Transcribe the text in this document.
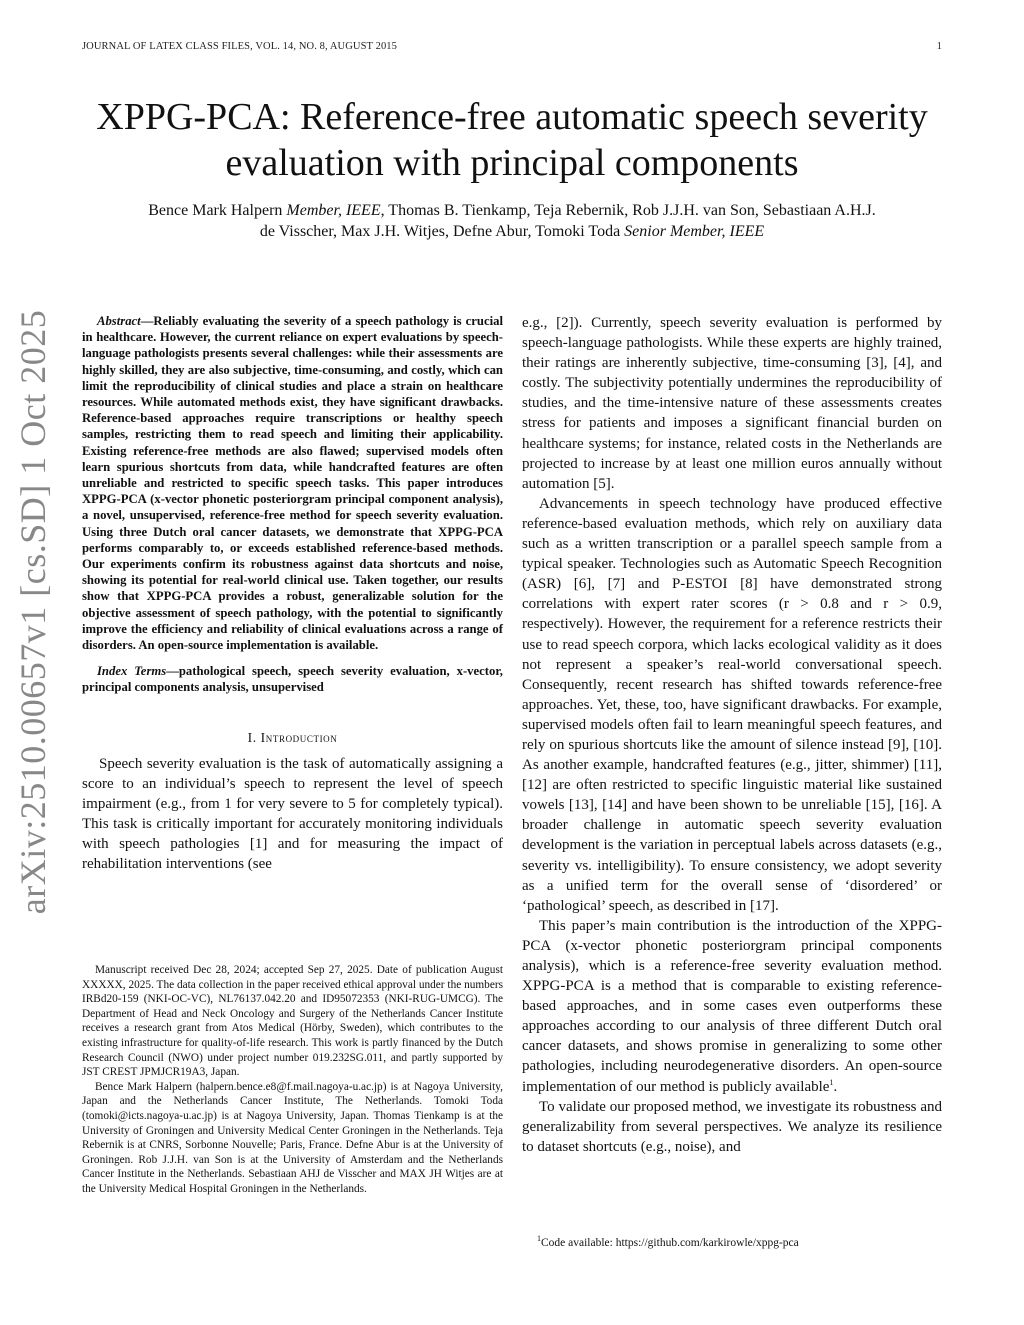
JOURNAL OF LATEX CLASS FILES, VOL. 14, NO. 8, AUGUST 2015	1
arXiv:2510.00657v1 [cs.SD] 1 Oct 2025
XPPG-PCA: Reference-free automatic speech severity evaluation with principal components
Bence Mark Halpern Member, IEEE, Thomas B. Tienkamp, Teja Rebernik, Rob J.J.H. van Son, Sebastiaan A.H.J.
de Visscher, Max J.H. Witjes, Defne Abur, Tomoki Toda Senior Member, IEEE

Abstract—Reliably evaluating the severity of a speech pathology is crucial in healthcare. However, the current reliance on expert evaluations by speech-language pathologists presents several challenges: while their assessments are highly skilled, they are also subjective, time-consuming, and costly, which can limit the reproducibility of clinical studies and place a strain on healthcare resources. While automated methods exist, they have significant drawbacks. Reference-based approaches require transcriptions or healthy speech samples, restricting them to read speech and limiting their applicability. Existing reference-free methods are also flawed; supervised models often learn spurious shortcuts from data, while handcrafted features are often unreliable and restricted to specific speech tasks. This paper introduces XPPG-PCA (x-vector phonetic posteriorgram principal component analysis), a novel, unsupervised, reference-free method for speech severity evaluation. Using three Dutch oral cancer datasets, we demonstrate that XPPG-PCA performs comparably to, or exceeds established reference-based methods. Our experiments confirm its robustness against data shortcuts and noise, showing its potential for real-world clinical use. Taken together, our results show that XPPG-PCA provides a robust, generalizable solution for the objective assessment of speech pathology, with the potential to significantly improve the efficiency and reliability of clinical evaluations across a range of disorders. An open-source implementation is available.

Index Terms—pathological speech, speech severity evaluation, x-vector, principal components analysis, unsupervised

I. Introduction

Speech severity evaluation is the task of automatically assigning a score to an individual’s speech to represent the level of speech impairment (e.g., from 1 for very severe to 5 for completely typical). This task is critically important for accurately monitoring individuals with speech pathologies [1] and for measuring the impact of rehabilitation interventions (see

Manuscript received Dec 28, 2024; accepted Sep 27, 2025. Date of publication August XXXXX, 2025. The data collection in the paper received ethical approval under the numbers IRBd20-159 (NKI-OC-VC), NL76137.042.20 and ID95072353 (NKI-RUG-UMCG). The Department of Head and Neck Oncology and Surgery of the Netherlands Cancer Institute receives a research grant from Atos Medical (Hörby, Sweden), which contributes to the existing infrastructure for quality-of-life research. This work is partly financed by the Dutch Research Council (NWO) under project number 019.232SG.011, and partly supported by JST CREST JPMJCR19A3, Japan.

Bence Mark Halpern (halpern.bence.e8@f.mail.nagoya-u.ac.jp) is at Nagoya University, Japan and the Netherlands Cancer Institute, The Netherlands. Tomoki Toda (tomoki@icts.nagoya-u.ac.jp) is at Nagoya University, Japan. Thomas Tienkamp is at the University of Groningen and University Medical Center Groningen in the Netherlands. Teja Rebernik is at CNRS, Sorbonne Nouvelle; Paris, France. Defne Abur is at the University of Groningen. Rob J.J.H. van Son is at the University of Amsterdam and the Netherlands Cancer Institute in the Netherlands. Sebastiaan AHJ de Visscher and MAX JH Witjes are at the University Medical Hospital Groningen in the Netherlands.

e.g., [2]). Currently, speech severity evaluation is performed by speech-language pathologists. While these experts are highly trained, their ratings are inherently subjective, time-consuming [3], [4], and costly. The subjectivity potentially undermines the reproducibility of studies, and the time-intensive nature of these assessments creates stress for patients and imposes a significant financial burden on healthcare systems; for instance, related costs in the Netherlands are projected to increase by at least one million euros annually without automation [5].

Advancements in speech technology have produced effective reference-based evaluation methods, which rely on auxiliary data such as a written transcription or a parallel speech sample from a typical speaker. Technologies such as Automatic Speech Recognition (ASR) [6], [7] and P-ESTOI [8] have demonstrated strong correlations with expert rater scores (r > 0.8 and r > 0.9, respectively). However, the requirement for a reference restricts their use to read speech corpora, which lacks ecological validity as it does not represent a speaker’s real-world conversational speech. Consequently, recent research has shifted towards reference-free approaches. Yet, these, too, have significant drawbacks. For example, supervised models often fail to learn meaningful speech features, and rely on spurious shortcuts like the amount of silence instead [9], [10]. As another example, handcrafted features (e.g., jitter, shimmer) [11], [12] are often restricted to specific linguistic material like sustained vowels [13], [14] and have been shown to be unreliable [15], [16]. A broader challenge in automatic speech severity evaluation development is the variation in perceptual labels across datasets (e.g., severity vs. intelligibility). To ensure consistency, we adopt severity as a unified term for the overall sense of ‘disordered’ or ‘pathological’ speech, as described in [17].

This paper’s main contribution is the introduction of the XPPG-PCA (x-vector phonetic posteriorgram principal components analysis), which is a reference-free severity evaluation method. XPPG-PCA is a method that is comparable to existing reference-based approaches, and in some cases even outperforms these approaches according to our analysis of three different Dutch oral cancer datasets, and shows promise in generalizing to some other pathologies, including neurodegenerative disorders. An open-source implementation of our method is publicly available$^1$.

To validate our proposed method, we investigate its robustness and generalizability from several perspectives. We analyze its resilience to dataset shortcuts (e.g., noise), and

$^1$Code available: https://github.com/karkirowle/xppg-pca
